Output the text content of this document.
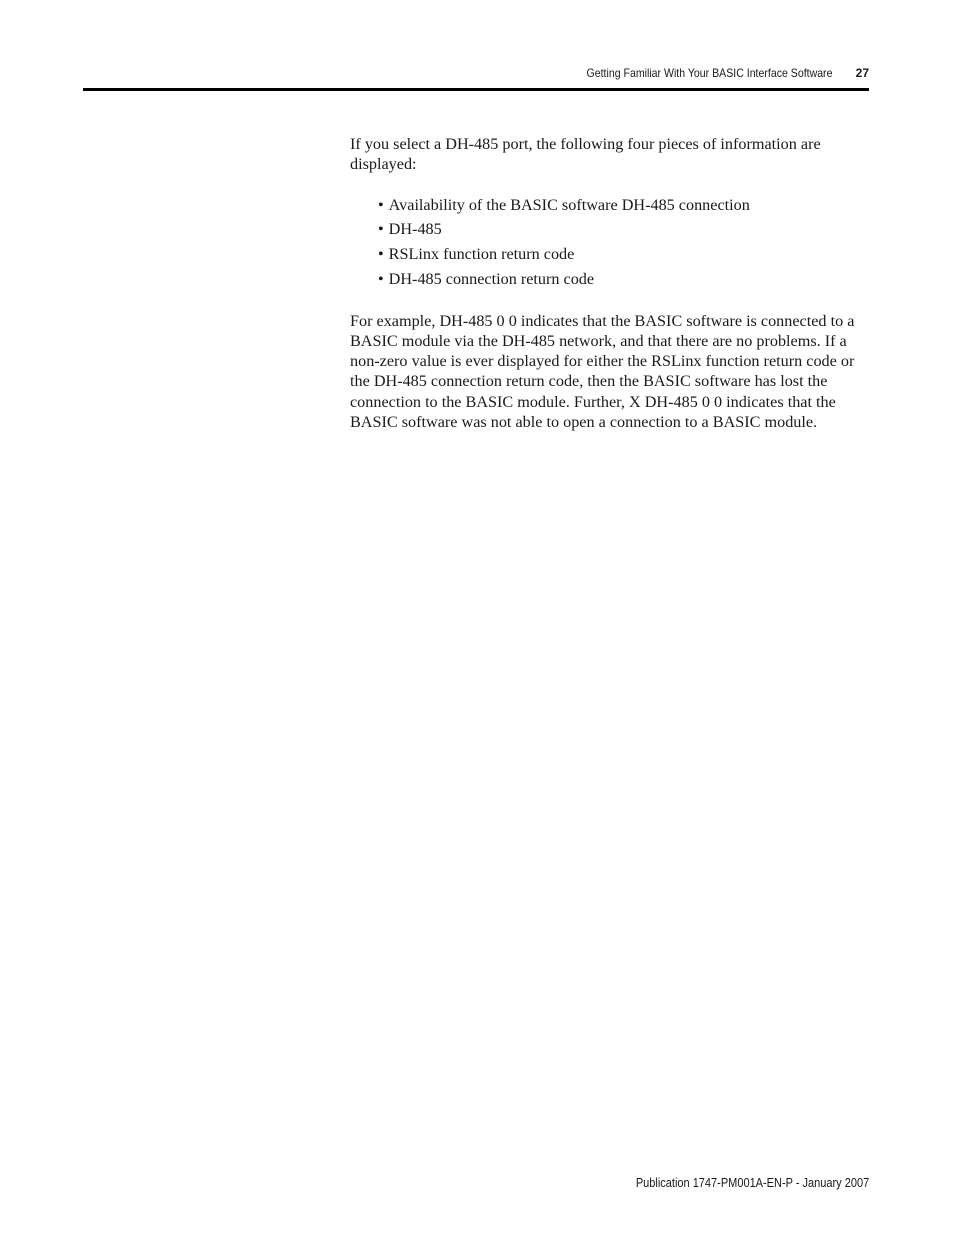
Getting Familiar With Your BASIC Interface Software 27

If you select a DH-485 port, the following four pieces of information are displayed:

• Availability of the BASIC software DH-485 connection
• DH-485
• RSLinx function return code
• DH-485 connection return code

For example, DH-485 0 0 indicates that the BASIC software is connected to a BASIC module via the DH-485 network, and that there are no problems. If a non-zero value is ever displayed for either the RSLinx function return code or the DH-485 connection return code, then the BASIC software has lost the connection to the BASIC module. Further, X DH-485 0 0 indicates that the BASIC software was not able to open a connection to a BASIC module.

Publication 1747-PM001A-EN-P - January 2007
